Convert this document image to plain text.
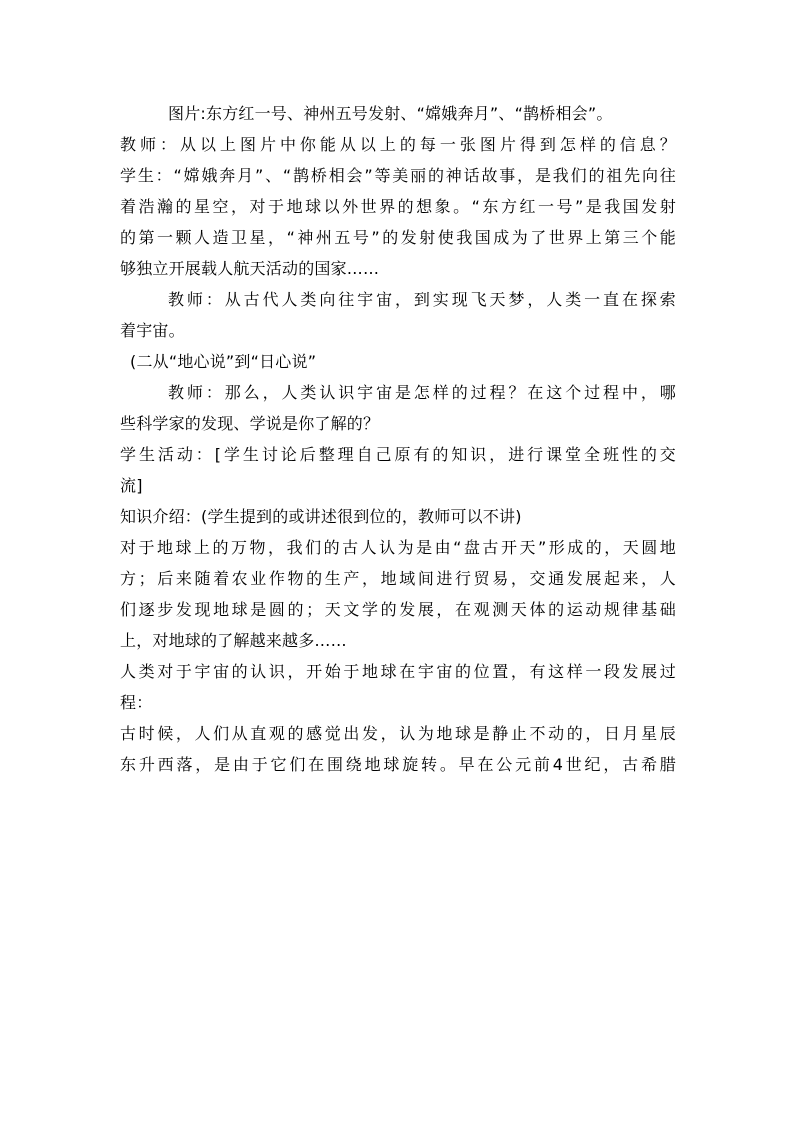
图片:东方红一号、神州五号发射、“嫦娥奔月”、“鹊桥相会”。
教师：从以上图片中你能从以上的每一张图片得到怎样的信息？
学生：“嫦娥奔月”、“鹊桥相会”等美丽的神话故事，是我们的祖先向往
着浩瀚的星空，对于地球以外世界的想象。“东方红一号”是我国发射
的第一颗人造卫星，“神州五号”的发射使我国成为了世界上第三个能
够独立开展载人航天活动的国家……
教师：从古代人类向往宇宙，到实现飞天梦，人类一直在探索
着宇宙。
(二从“地心说”到“日心说”
教师：那么，人类认识宇宙是怎样的过程？在这个过程中，哪
些科学家的发现、学说是你了解的？
学生活动：[学生讨论后整理自己原有的知识，进行课堂全班性的交
流]
知识介绍：(学生提到的或讲述很到位的，教师可以不讲)
对于地球上的万物，我们的古人认为是由“盘古开天”形成的，天圆地
方；后来随着农业作物的生产，地域间进行贸易，交通发展起来，人
们逐步发现地球是圆的；天文学的发展，在观测天体的运动规律基础
上，对地球的了解越来越多……
人类对于宇宙的认识，开始于地球在宇宙的位置，有这样一段发展过
程：
古时候，人们从直观的感觉出发，认为地球是静止不动的，日月星辰
东升西落，是由于它们在围绕地球旋转。早在公元前4世纪，古希腊
